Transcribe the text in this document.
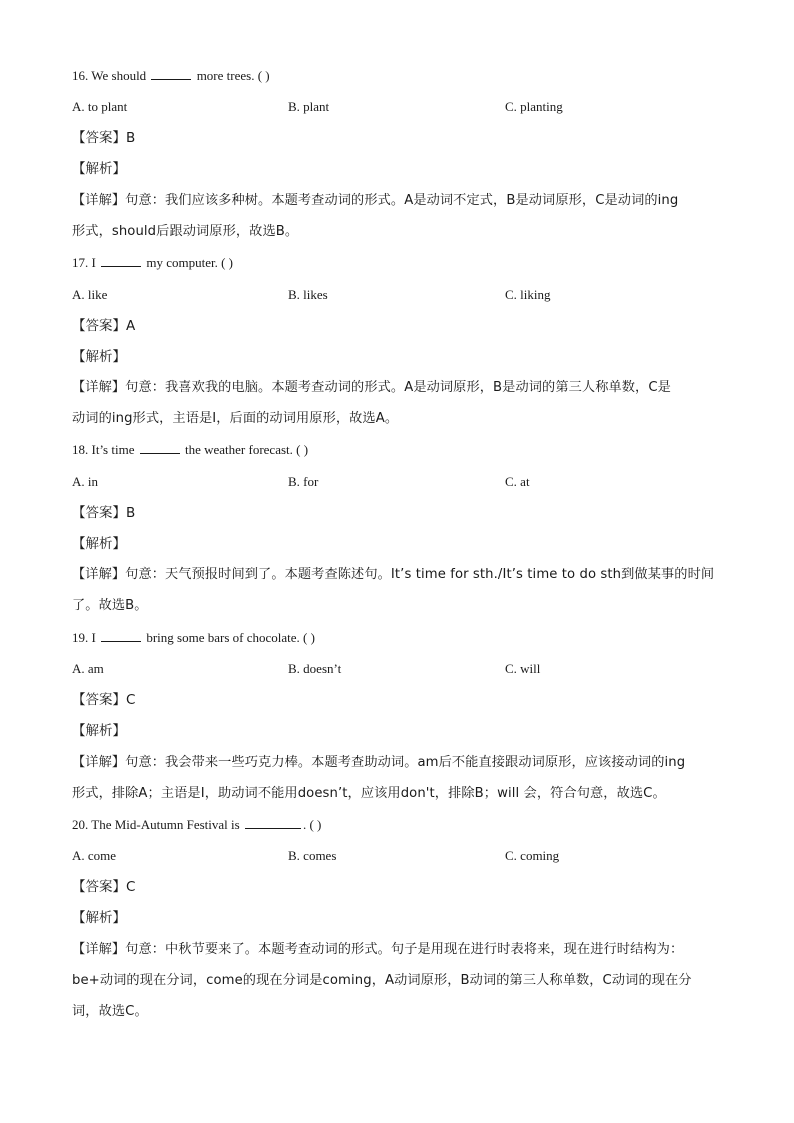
16. We should	more trees. ( )
A. to plant	B. plant	C. planting
【答案】B
【解析】
【详解】句意：我们应该多种树。本题考查动词的形式。A是动词不定式，B是动词原形，C是动词的ing
形式，should后跟动词原形，故选B。
17. I	my computer. ( )
A. like	B. likes	C. liking
【答案】A
【解析】
【详解】句意：我喜欢我的电脑。本题考查动词的形式。A是动词原形，B是动词的第三人称单数，C是
动词的ing形式，主语是I，后面的动词用原形，故选A。
18. It’s time	the weather forecast. ( )
A. in	B. for	C. at
【答案】B
【解析】
【详解】句意：天气预报时间到了。本题考查陈述句。It’s time for sth./It’s time to do sth到做某事的时间
了。故选B。
19. I	bring some bars of chocolate. ( )
A. am	B. doesn’t	C. will
【答案】C
【解析】
【详解】句意：我会带来一些巧克力棒。本题考查助动词。am后不能直接跟动词原形，应该接动词的ing
形式，排除A；主语是I，助动词不能用doesn’t，应该用don't，排除B；will 会，符合句意，故选C。
20. The Mid-Autumn Festival is	. ( )
A. come	B. comes	C. coming
【答案】C
【解析】
【详解】句意：中秋节要来了。本题考查动词的形式。句子是用现在进行时表将来，现在进行时结构为：
be+动词的现在分词，come的现在分词是coming，A动词原形，B动词的第三人称单数，C动词的现在分
词，故选C。
